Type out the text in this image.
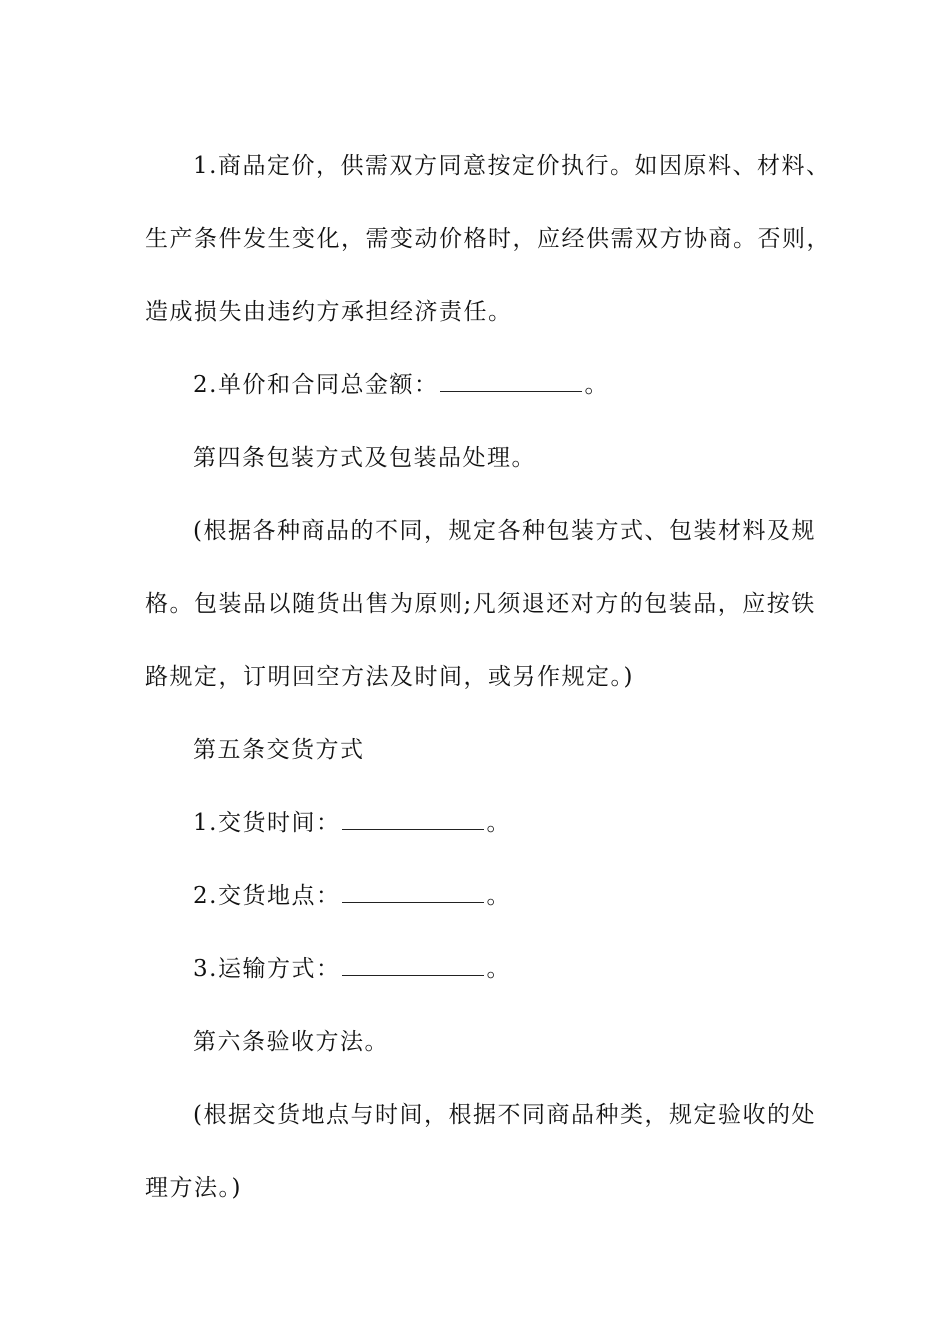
1.商品定价，供需双方同意按定价执行。如因原料、材料、生产条件发生变化，需变动价格时，应经供需双方协商。否则，造成损失由违约方承担经济责任。

2.单价和合同总金额：	。

第四条包装方式及包装品处理。

(根据各种商品的不同，规定各种包装方式、包装材料及规格。包装品以随货出售为原则;凡须退还对方的包装品，应按铁路规定，订明回空方法及时间，或另作规定。)

第五条交货方式

1.交货时间：	。

2.交货地点：	。

3.运输方式：	。

第六条验收方法。

(根据交货地点与时间，根据不同商品种类，规定验收的处理方法。)
